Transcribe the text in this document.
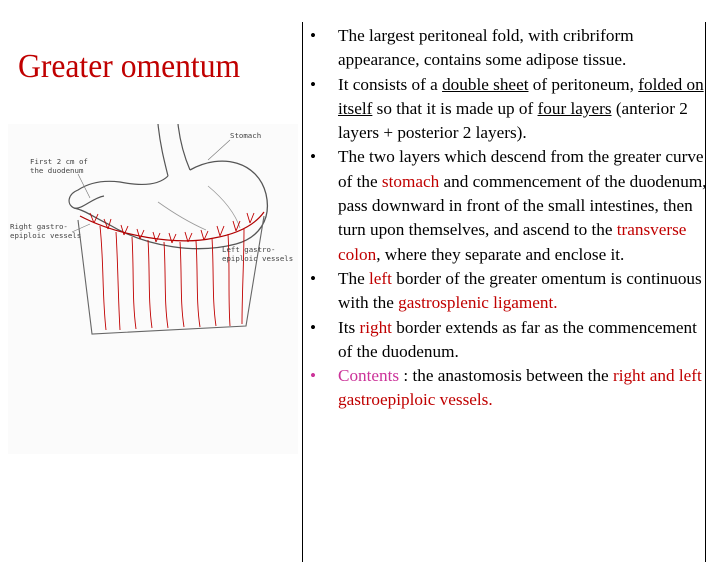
Greater omentum
Stomach
First 2 cm of
the duodenum
Right gastro-
epiploic vessels
Left gastro-
epiploic vessels
• The largest peritoneal fold, with cribriform appearance, contains some adipose tissue.
• It consists of a double sheet of peritoneum, folded on itself so that it is made up of four layers (anterior 2 layers + posterior 2 layers).
• The two layers which descend from the greater curve of the stomach and commencement of the duodenum, pass downward in front of the small intestines, then turn upon themselves, and ascend to the transverse colon, where they separate and enclose it.
• The left border of the greater omentum is continuous with the gastrosplenic ligament.
• Its right border extends as far as the commencement of the duodenum.
• Contents : the anastomosis between the right and left gastroepiploic vessels.
